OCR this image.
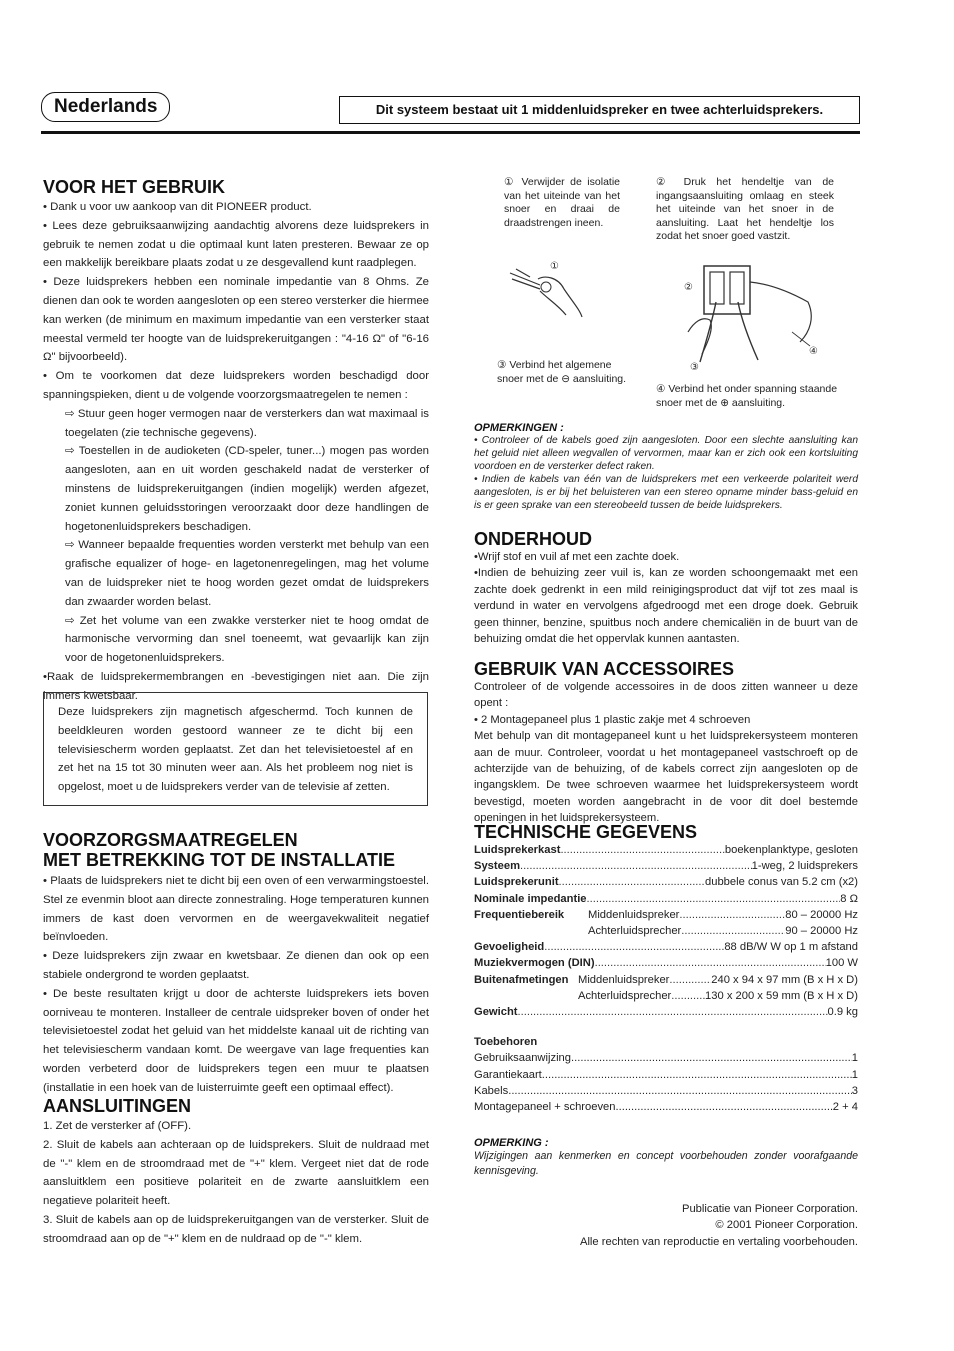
Nederlands	Dit systeem bestaat uit 1 middenluidspreker en twee achterluidsprekers.
VOOR HET GEBRUIK

• Dank u voor uw aankoop van dit PIONEER product.

• Lees deze gebruiksaanwijzing aandachtig alvorens deze luidsprekers in gebruik te nemen zodat u die optimaal kunt laten presteren. Bewaar ze op een makkelijk bereikbare plaats zodat u ze desgevallend kunt raadplegen.

• Deze luidsprekers hebben een nominale impedantie van 8 Ohms. Ze dienen dan ook te worden aangesloten op een stereo versterker die hiermee kan werken (de minimum en maximum impedantie van een versterker staat meestal vermeld ter hoogte van de luidsprekeruitgangen : "4-16 Ω" of "6-16 Ω" bijvoorbeeld).

• Om te voorkomen dat deze luidsprekers worden beschadigd door spanningspieken, dient u de volgende voorzorgsmaatregelen te nemen :

⇨ Stuur geen hoger vermogen naar de versterkers dan wat maximaal is toegelaten (zie technische gegevens).

⇨ Toestellen in de audioketen (CD-speler, tuner...) mogen pas worden aangesloten, aan en uit worden geschakeld nadat de versterker of minstens de luidsprekeruitgangen (indien mogelijk) werden afgezet, zoniet kunnen geluidsstoringen veroorzaakt door deze handlingen de hogetonenluidsprekers beschadigen.

⇨ Wanneer bepaalde frequenties worden versterkt met behulp van een grafische equalizer of hoge- en lagetonenregelingen, mag het volume van de luidspreker niet te hoog worden gezet omdat de luidsprekers dan zwaarder worden belast.

⇨ Zet het volume van een zwakke versterker niet te hoog omdat de harmonische vervorming dan snel toeneemt, wat gevaarlijk kan zijn voor de hogetonenluidsprekers.

•Raak de luidsprekermembrangen en -bevestigingen niet aan. Die zijn immers kwetsbaar.

Deze luidsprekers zijn magnetisch afgeschermd. Toch kunnen de beeldkleuren worden gestoord wanneer ze te dicht bij een televisiescherm worden geplaatst. Zet dan het televisietoestel af en zet het na 15 tot 30 minuten weer aan. Als het probleem nog niet is opgelost, moet u de luidsprekers verder van de televisie af zetten.

VOORZORGSMAATREGELEN
MET BETREKKING TOT DE INSTALLATIE

• Plaats de luidsprekers niet te dicht bij een oven of een verwarmingstoestel. Stel ze evenmin bloot aan directe zonnestraling. Hoge temperaturen kunnen immers de kast doen vervormen en de weergavekwaliteit negatief beïnvloeden.

• Deze luidsprekers zijn zwaar en kwetsbaar. Ze dienen dan ook op een stabiele ondergrond te worden geplaatst.

• De beste resultaten krijgt u door de achterste luidsprekers iets boven oorniveau te monteren. Installeer de centrale uidspreker boven of onder het televisietoestel zodat het geluid van het middelste kanaal uit de richting van het televisiescherm vandaan komt. De weergave van lage frequenties kan worden verbeterd door de luidsprekers tegen een muur te plaatsen (installatie in een hoek van de luisterruimte geeft een optimaal effect).

AANSLUITINGEN

1. Zet de versterker af (OFF).

2. Sluit de kabels aan achteraan op de luidsprekers. Sluit de nuldraad met de "-" klem en de stroomdraad met de "+" klem. Vergeet niet dat de rode aansluitklem een positieve polariteit en de zwarte aansluitklem een negatieve polariteit heeft.

3. Sluit de kabels aan op de luidsprekeruitgangen van de versterker. Sluit de stroomdraad aan op de "+" klem en de nuldraad op de "-" klem.

① Verwijder de isolatie van het uiteinde van het snoer en draai de draadstrengen ineen.

② Druk het hendeltje van de ingangsaansluiting omlaag en steek het uiteinde van het snoer in de aansluiting. Laat het hendeltje los zodat het snoer goed vastzit.

①
②
④
③

③ Verbind het algemene snoer met de ⊖ aansluiting.

④ Verbind het onder spanning staande snoer met de ⊕ aansluiting.

OPMERKINGEN :

• Controleer of de kabels goed zijn aangesloten. Door een slechte aansluiting kan het geluid niet alleen wegvallen of vervormen, maar kan er zich ook een kortsluiting voordoen en de versterker defect raken.

• Indien de kabels van één van de luidsprekers met een verkeerde polariteit werd aangesloten, is er bij het beluisteren van een stereo opname minder bass-geluid en is er geen sprake van een stereobeeld tussen de beide luidsprekers.

ONDERHOUD

•Wrijf stof en vuil af met een zachte doek.

•Indien de behuizing zeer vuil is, kan ze worden schoongemaakt met een zachte doek gedrenkt in een mild reinigingsproduct dat vijf tot zes maal is verdund in water en vervolgens afgedroogd met een droge doek. Gebruik geen thinner, benzine, spuitbus noch andere chemicaliën in de buurt van de behuizing omdat die het oppervlak kunnen aantasten.

GEBRUIK VAN ACCESSOIRES

Controleer of de volgende accessoires in de doos zitten wanneer u deze opent :

• 2 Montagepaneel plus 1 plastic zakje met 4 schroeven

Met behulp van dit montagepaneel kunt u het luidsprekersysteem monteren aan de muur. Controleer, voordat u het montagepaneel vastschroeft op de achterzijde van de behuizing, of de kabels correct zijn aangesloten op de ingangsklem. De twee schroeven waarmee het luidsprekersysteem wordt bevestigd, moeten worden aangebracht in de voor dit doel bestemde openingen in het luidsprekersysteem.

TECHNISCHE GEGEVENS
Luidsprekerkast .....	boekenplanktype, gesloten
Systeem .....	1-weg, 2 luidsprekers
Luidsprekerunit .....	dubbele conus van 5.2 cm (x2)
Nominale impedantie .....	8 Ω
Frequentiebereik	Middenluidspreker .....	80 – 20000 Hz
Achterluidsprecher .....	90 – 20000 Hz
Gevoeligheid .....	88 dB/W W op 1 m afstand
Muziekvermogen (DIN) .....	100 W
Buitenafmetingen Middenluidspreker .....	240 x 94 x 97 mm (B x H x D)
Achterluidsprecher .....	130 x 200 x 59 mm (B x H x D)
Gewicht .....	0.9 kg
Toebehoren
Gebruiksaanwijzing .....	1
Garantiekaart .....	1
Kabels .....	3
Montagepaneel + schroeven .....	2 + 4

OPMERKING :

Wijzigingen aan kenmerken en concept voorbehouden zonder voorafgaande kennisgeving.

Publicatie van Pioneer Corporation.
© 2001 Pioneer Corporation.
Alle rechten van reproductie en vertaling voorbehouden.
